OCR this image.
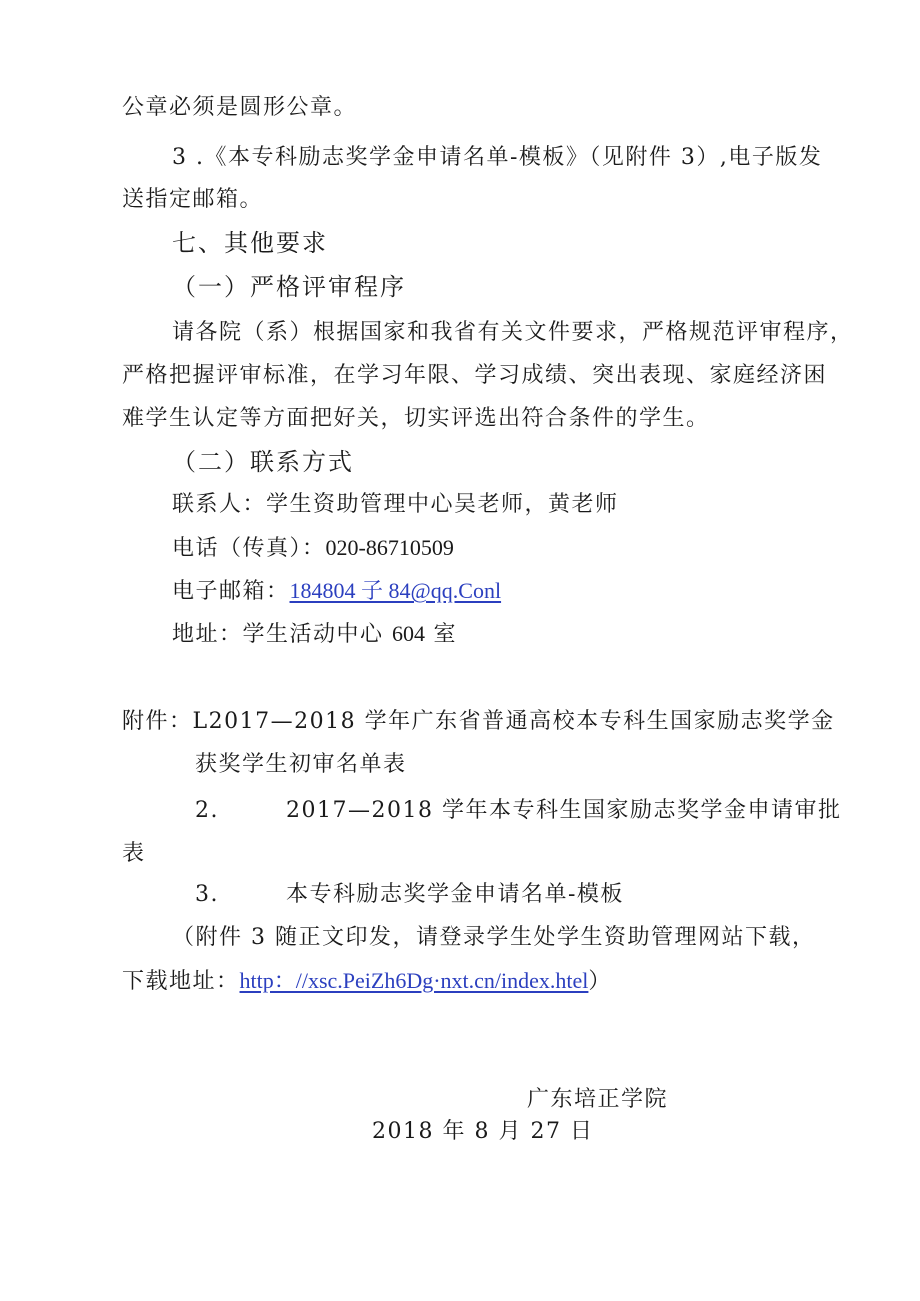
公章必须是圆形公章。
3 .《本专科励志奖学金申请名单-模板》（见附件 3）,电子版发
送指定邮箱。
七、其他要求
（一）严格评审程序
请各院（系）根据国家和我省有关文件要求，严格规范评审程序，
严格把握评审标准，在学习年限、学习成绩、突出表现、家庭经济困
难学生认定等方面把好关，切实评选出符合条件的学生。
（二）联系方式
联系人：学生资助管理中心吴老师，黄老师
电话（传真）：020-86710509
电子邮箱：184804 子 84@qq.Conl
地址：学生活动中心 604 室
附件：L2017—2018 学年广东省普通高校本专科生国家励志奖学金
获奖学生初审名单表
2.	2017—2018 学年本专科生国家励志奖学金申请审批
表
3.	本专科励志奖学金申请名单-模板
（附件 3 随正文印发，请登录学生处学生资助管理网站下载，
下载地址：http：//xsc.PeiZh6Dg·nxt.cn/index.htel）
广东培正学院
2018 年 8 月 27 日
